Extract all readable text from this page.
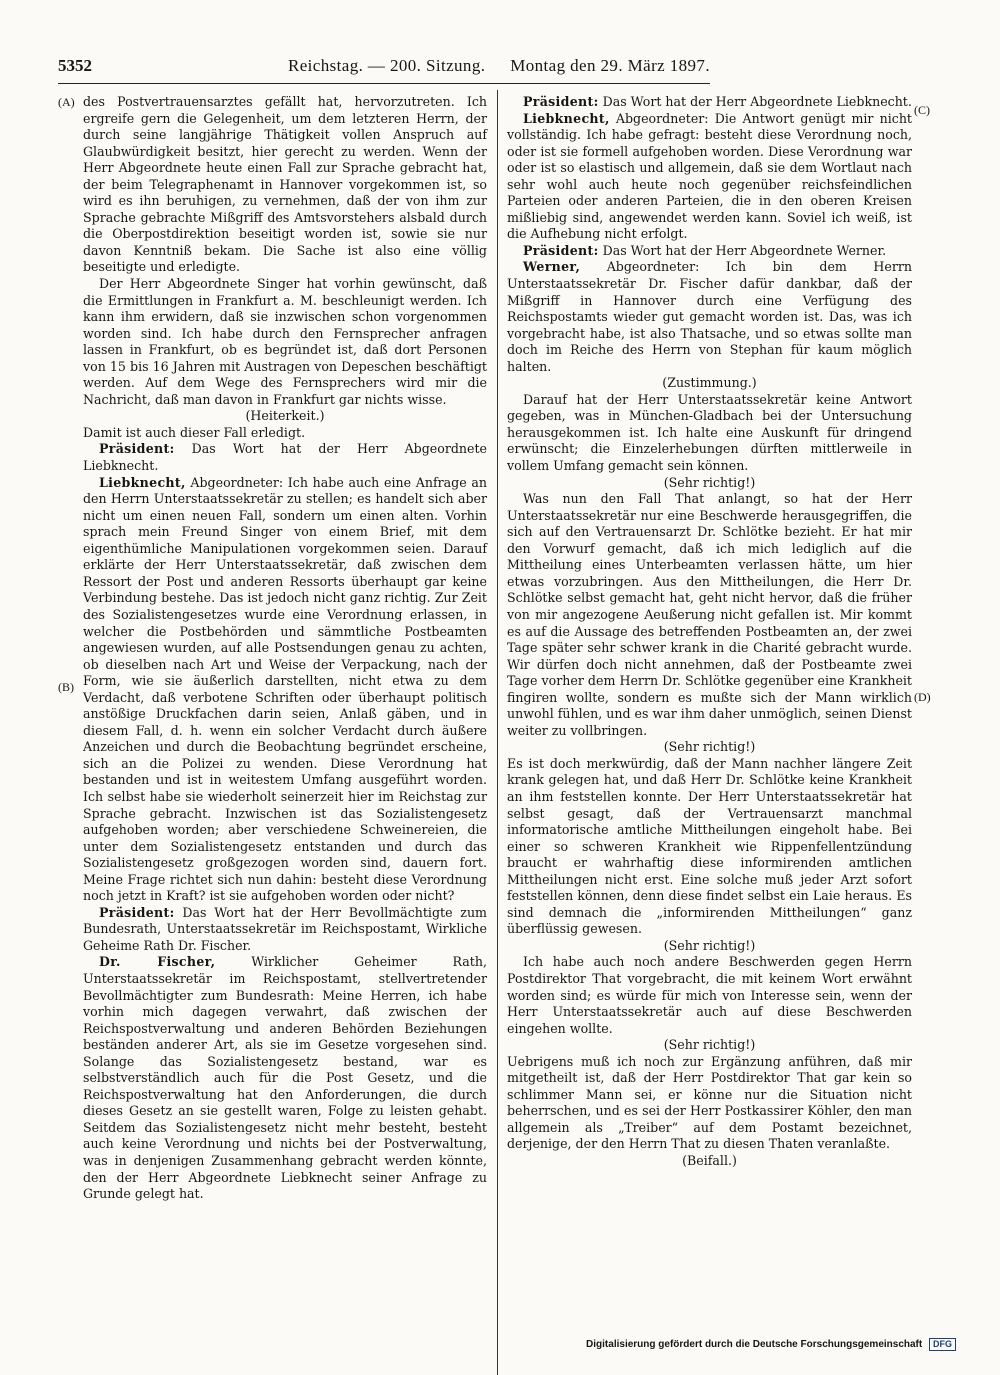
5352	Reichstag. — 200. Sitzung. Montag den 29. März 1897.
(A)
(B)
(C)
(D)

des Postvertrauensarztes gefällt hat, hervorzutreten. Ich ergreife gern die Gelegenheit, um dem letzteren Herrn, der durch seine langjährige Thätigkeit vollen Anspruch auf Glaubwürdigkeit besitzt, hier gerecht zu werden. Wenn der Herr Abgeordnete heute einen Fall zur Sprache gebracht hat, der beim Telegraphenamt in Hannover vorgekommen ist, so wird es ihn beruhigen, zu vernehmen, daß der von ihm zur Sprache gebrachte Mißgriff des Amtsvorstehers alsbald durch die Oberpostdirektion beseitigt worden ist, sowie sie nur davon Kenntniß bekam. Die Sache ist also eine völlig beseitigte und erledigte.

Der Herr Abgeordnete Singer hat vorhin gewünscht, daß die Ermittlungen in Frankfurt a. M. beschleunigt werden. Ich kann ihm erwidern, daß sie inzwischen schon vorgenommen worden sind. Ich habe durch den Fernsprecher anfragen lassen in Frankfurt, ob es begründet ist, daß dort Personen von 15 bis 16 Jahren mit Austragen von Depeschen beschäftigt werden. Auf dem Wege des Fernsprechers wird mir die Nachricht, daß man davon in Frankfurt gar nichts wisse.

(Heiterkeit.)

Damit ist auch dieser Fall erledigt.

Präsident: Das Wort hat der Herr Abgeordnete Liebknecht.

Liebknecht, Abgeordneter: Ich habe auch eine Anfrage an den Herrn Unterstaatssekretär zu stellen; es handelt sich aber nicht um einen neuen Fall, sondern um einen alten. Vorhin sprach mein Freund Singer von einem Brief, mit dem eigenthümliche Manipulationen vorgekommen seien. Darauf erklärte der Herr Unterstaatssekretär, daß zwischen dem Ressort der Post und anderen Ressorts überhaupt gar keine Verbindung bestehe. Das ist jedoch nicht ganz richtig. Zur Zeit des Sozialistengesetzes wurde eine Verordnung erlassen, in welcher die Postbehörden und sämmtliche Postbeamten angewiesen wurden, auf alle Postsendungen genau zu achten, ob dieselben nach Art und Weise der Verpackung, nach der Form, wie sie äußerlich darstellten, nicht etwa zu dem Verdacht, daß verbotene Schriften oder überhaupt politisch anstößige Druckfachen darin seien, Anlaß gäben, und in diesem Fall, d. h. wenn ein solcher Verdacht durch äußere Anzeichen und durch die Beobachtung begründet erscheine, sich an die Polizei zu wenden. Diese Verordnung hat bestanden und ist in weitestem Umfang ausgeführt worden. Ich selbst habe sie wiederholt seinerzeit hier im Reichstag zur Sprache gebracht. Inzwischen ist das Sozialistengesetz aufgehoben worden; aber verschiedene Schweinereien, die unter dem Sozialistengesetz entstanden und durch das Sozialistengesetz großgezogen worden sind, dauern fort. Meine Frage richtet sich nun dahin: besteht diese Verordnung noch jetzt in Kraft? ist sie aufgehoben worden oder nicht?

Präsident: Das Wort hat der Herr Bevollmächtigte zum Bundesrath, Unterstaatssekretär im Reichspostamt, Wirkliche Geheime Rath Dr. Fischer.

Dr. Fischer, Wirklicher Geheimer Rath, Unterstaatssekretär im Reichspostamt, stellvertretender Bevollmächtigter zum Bundesrath: Meine Herren, ich habe vorhin mich dagegen verwahrt, daß zwischen der Reichspostverwaltung und anderen Behörden Beziehungen beständen anderer Art, als sie im Gesetze vorgesehen sind. Solange das Sozialistengesetz bestand, war es selbstverständlich auch für die Post Gesetz, und die Reichspostverwaltung hat den Anforderungen, die durch dieses Gesetz an sie gestellt waren, Folge zu leisten gehabt. Seitdem das Sozialistengesetz nicht mehr besteht, besteht auch keine Verordnung und nichts bei der Postverwaltung, was in denjenigen Zusammenhang gebracht werden könnte, den der Herr Abgeordnete Liebknecht seiner Anfrage zu Grunde gelegt hat.

Präsident: Das Wort hat der Herr Abgeordnete Liebknecht.

Liebknecht, Abgeordneter: Die Antwort genügt mir nicht vollständig. Ich habe gefragt: besteht diese Verordnung noch, oder ist sie formell aufgehoben worden. Diese Verordnung war oder ist so elastisch und allgemein, daß sie dem Wortlaut nach sehr wohl auch heute noch gegenüber reichsfeindlichen Parteien oder anderen Parteien, die in den oberen Kreisen mißliebig sind, angewendet werden kann. Soviel ich weiß, ist die Aufhebung nicht erfolgt.

Präsident: Das Wort hat der Herr Abgeordnete Werner.

Werner, Abgeordneter: Ich bin dem Herrn Unterstaatssekretär Dr. Fischer dafür dankbar, daß der Mißgriff in Hannover durch eine Verfügung des Reichspostamts wieder gut gemacht worden ist. Das, was ich vorgebracht habe, ist also Thatsache, und so etwas sollte man doch im Reiche des Herrn von Stephan für kaum möglich halten.

(Zustimmung.)

Darauf hat der Herr Unterstaatssekretär keine Antwort gegeben, was in München-Gladbach bei der Untersuchung herausgekommen ist. Ich halte eine Auskunft für dringend erwünscht; die Einzelerhebungen dürften mittlerweile in vollem Umfang gemacht sein können.

(Sehr richtig!)

Was nun den Fall That anlangt, so hat der Herr Unterstaatssekretär nur eine Beschwerde herausgegriffen, die sich auf den Vertrauensarzt Dr. Schlötke bezieht. Er hat mir den Vorwurf gemacht, daß ich mich lediglich auf die Mittheilung eines Unterbeamten verlassen hätte, um hier etwas vorzubringen. Aus den Mittheilungen, die Herr Dr. Schlötke selbst gemacht hat, geht nicht hervor, daß die früher von mir angezogene Aeußerung nicht gefallen ist. Mir kommt es auf die Aussage des betreffenden Postbeamten an, der zwei Tage später sehr schwer krank in die Charité gebracht wurde. Wir dürfen doch nicht annehmen, daß der Postbeamte zwei Tage vorher dem Herrn Dr. Schlötke gegenüber eine Krankheit fingiren wollte, sondern es mußte sich der Mann wirklich unwohl fühlen, und es war ihm daher unmöglich, seinen Dienst weiter zu vollbringen.

(Sehr richtig!)

Es ist doch merkwürdig, daß der Mann nachher längere Zeit krank gelegen hat, und daß Herr Dr. Schlötke keine Krankheit an ihm feststellen konnte. Der Herr Unterstaatssekretär hat selbst gesagt, daß der Vertrauensarzt manchmal informatorische amtliche Mittheilungen eingeholt habe. Bei einer so schweren Krankheit wie Rippenfellentzündung braucht er wahrhaftig diese informirenden amtlichen Mittheilungen nicht erst. Eine solche muß jeder Arzt sofort feststellen können, denn diese findet selbst ein Laie heraus. Es sind demnach die „informirenden Mittheilungen“ ganz überflüssig gewesen.

(Sehr richtig!)

Ich habe auch noch andere Beschwerden gegen Herrn Postdirektor That vorgebracht, die mit keinem Wort erwähnt worden sind; es würde für mich von Interesse sein, wenn der Herr Unterstaatssekretär auch auf diese Beschwerden eingehen wollte.

(Sehr richtig!)

Uebrigens muß ich noch zur Ergänzung anführen, daß mir mitgetheilt ist, daß der Herr Postdirektor That gar kein so schlimmer Mann sei, er könne nur die Situation nicht beherrschen, und es sei der Herr Postkassirer Köhler, den man allgemein als „Treiber“ auf dem Postamt bezeichnet, derjenige, der den Herrn That zu diesen Thaten veranlaßte.

(Beifall.)

Digitalisierung gefördert durch die Deutsche Forschungsgemeinschaft DFG
